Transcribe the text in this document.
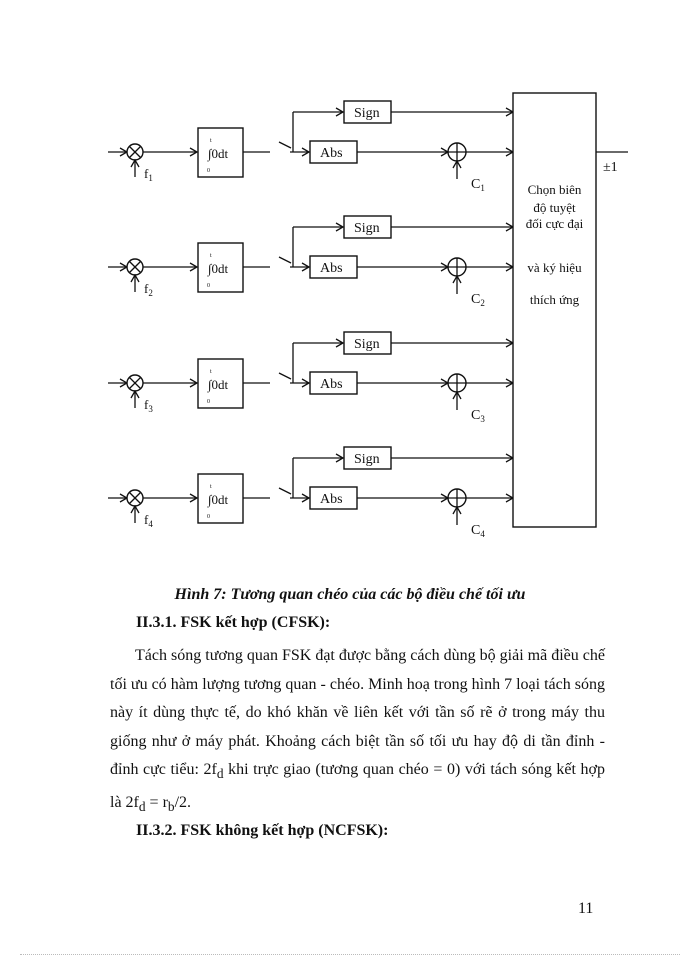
$f_1$
t
∫0dt
0
Sign
Abs
$C_1$
$f_2$
t
∫0dt
0
Sign
Abs
$C_2$
$f_3$
t
∫0dt
0
Sign
Abs
$C_3$
$f_4$
t
∫0dt
0
Sign
Abs
$C_4$
Chọn biên
độ tuyệt
đối cực đại
và ký hiệu
thích ứng
±1
Hình 7: Tương quan chéo của các bộ điều chế tối ưu
II.3.1. FSK kết hợp (CFSK):

Tách sóng tương quan FSK đạt được bằng cách dùng bộ giải mã điều chế tối ưu có hàm lượng tương quan - chéo. Minh hoạ trong hình 7 loại tách sóng này ít dùng thực tế, do khó khăn về liên kết với tần số rẽ ở trong máy thu giống như ở máy phát. Khoảng cách biệt tần số tối ưu hay độ di tần đỉnh - đỉnh cực tiểu: $2f_d$ khi trực giao (tương quan chéo = 0) với tách sóng kết hợp là $2f_d = r_b/2$.

II.3.2. FSK không kết hợp (NCFSK):
11
